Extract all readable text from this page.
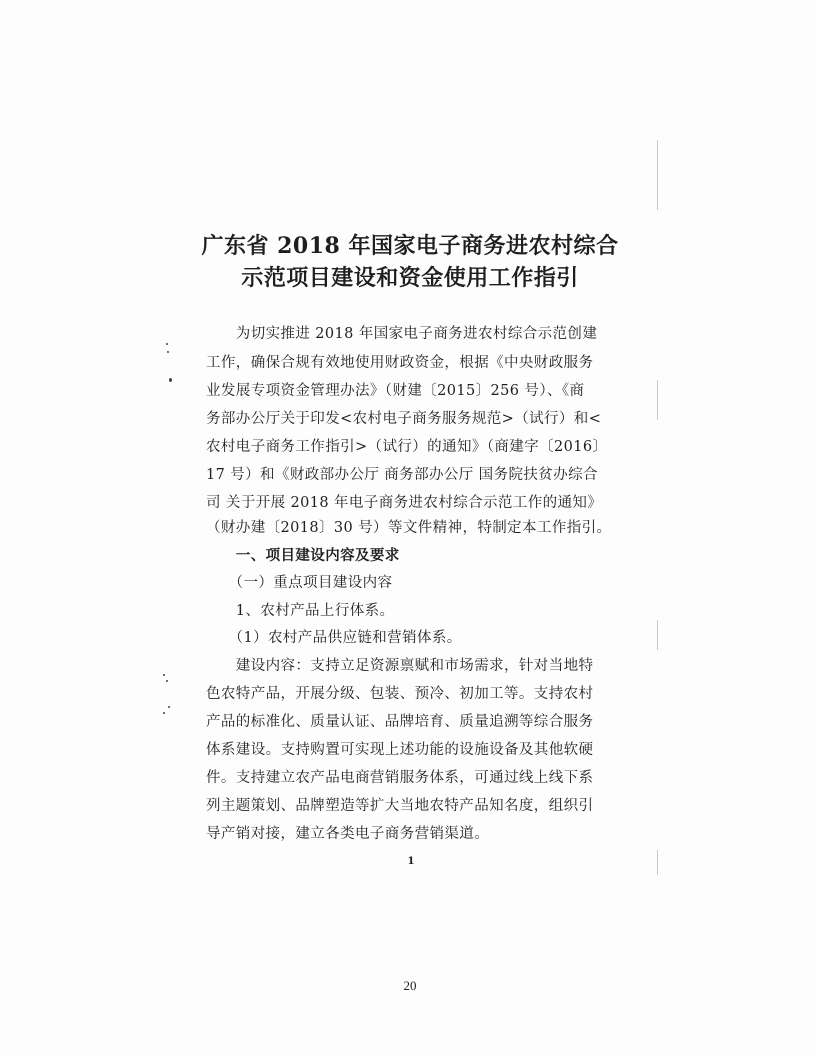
广东省 2018 年国家电子商务进农村综合
示范项目建设和资金使用工作指引
　　为切实推进 2018 年国家电子商务进农村综合示范创建
工作，确保合规有效地使用财政资金，根据《中央财政服务
业发展专项资金管理办法》（财建〔2015〕256 号）、《商
务部办公厅关于印发<农村电子商务服务规范>（试行）和<
农村电子商务工作指引>（试行）的通知》（商建字〔2016〕
17 号）和《财政部办公厅 商务部办公厅 国务院扶贫办综合
司 关于开展 2018 年电子商务进农村综合示范工作的通知》
（财办建〔2018〕30 号）等文件精神，特制定本工作指引。
　　一、项目建设内容及要求
　　（一）重点项目建设内容
　　1、农村产品上行体系。
　　（1）农村产品供应链和营销体系。
　　建设内容：支持立足资源禀赋和市场需求，针对当地特
色农特产品，开展分级、包装、预冷、初加工等。支持农村
产品的标准化、质量认证、品牌培育、质量追溯等综合服务
体系建设。支持购置可实现上述功能的设施设备及其他软硬
件。支持建立农产品电商营销服务体系，可通过线上线下系
列主题策划、品牌塑造等扩大当地农特产品知名度，组织引
导产销对接，建立各类电子商务营销渠道。
1
20
